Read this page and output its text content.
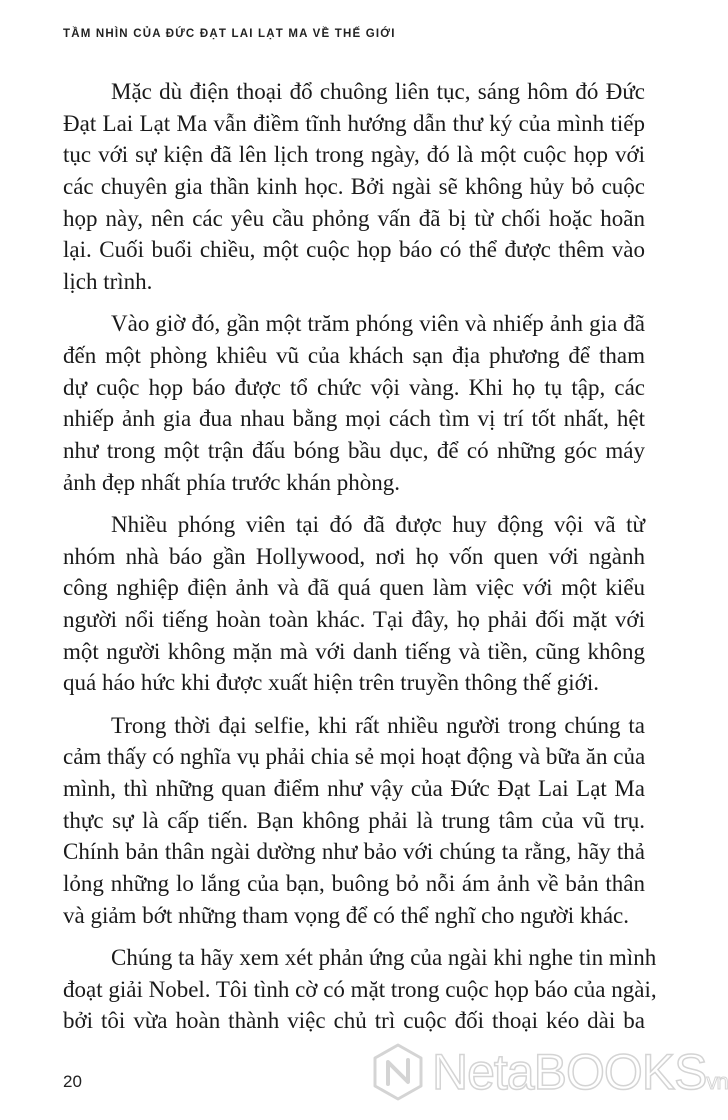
TẦM NHÌN CỦA ĐỨC ĐẠT LAI LẠT MA VỀ THẾ GIỚI
Mặc dù điện thoại đổ chuông liên tục, sáng hôm đó Đức
Đạt Lai Lạt Ma vẫn điềm tĩnh hướng dẫn thư ký của mình tiếp
tục với sự kiện đã lên lịch trong ngày, đó là một cuộc họp với
các chuyên gia thần kinh học. Bởi ngài sẽ không hủy bỏ cuộc
họp này, nên các yêu cầu phỏng vấn đã bị từ chối hoặc hoãn
lại. Cuối buổi chiều, một cuộc họp báo có thể được thêm vào
lịch trình.
Vào giờ đó, gần một trăm phóng viên và nhiếp ảnh gia đã
đến một phòng khiêu vũ của khách sạn địa phương để tham
dự cuộc họp báo được tổ chức vội vàng. Khi họ tụ tập, các
nhiếp ảnh gia đua nhau bằng mọi cách tìm vị trí tốt nhất, hệt
như trong một trận đấu bóng bầu dục, để có những góc máy
ảnh đẹp nhất phía trước khán phòng.
Nhiều phóng viên tại đó đã được huy động vội vã từ
nhóm nhà báo gần Hollywood, nơi họ vốn quen với ngành
công nghiệp điện ảnh và đã quá quen làm việc với một kiểu
người nổi tiếng hoàn toàn khác. Tại đây, họ phải đối mặt với
một người không mặn mà với danh tiếng và tiền, cũng không
quá háo hức khi được xuất hiện trên truyền thông thế giới.
Trong thời đại selfie, khi rất nhiều người trong chúng ta
cảm thấy có nghĩa vụ phải chia sẻ mọi hoạt động và bữa ăn của
mình, thì những quan điểm như vậy của Đức Đạt Lai Lạt Ma
thực sự là cấp tiến. Bạn không phải là trung tâm của vũ trụ.
Chính bản thân ngài dường như bảo với chúng ta rằng, hãy thả
lỏng những lo lắng của bạn, buông bỏ nỗi ám ảnh về bản thân
và giảm bớt những tham vọng để có thể nghĩ cho người khác.
Chúng ta hãy xem xét phản ứng của ngài khi nghe tin mình
đoạt giải Nobel. Tôi tình cờ có mặt trong cuộc họp báo của ngài,
bởi tôi vừa hoàn thành việc chủ trì cuộc đối thoại kéo dài ba
20	NetaBOOKSvn
